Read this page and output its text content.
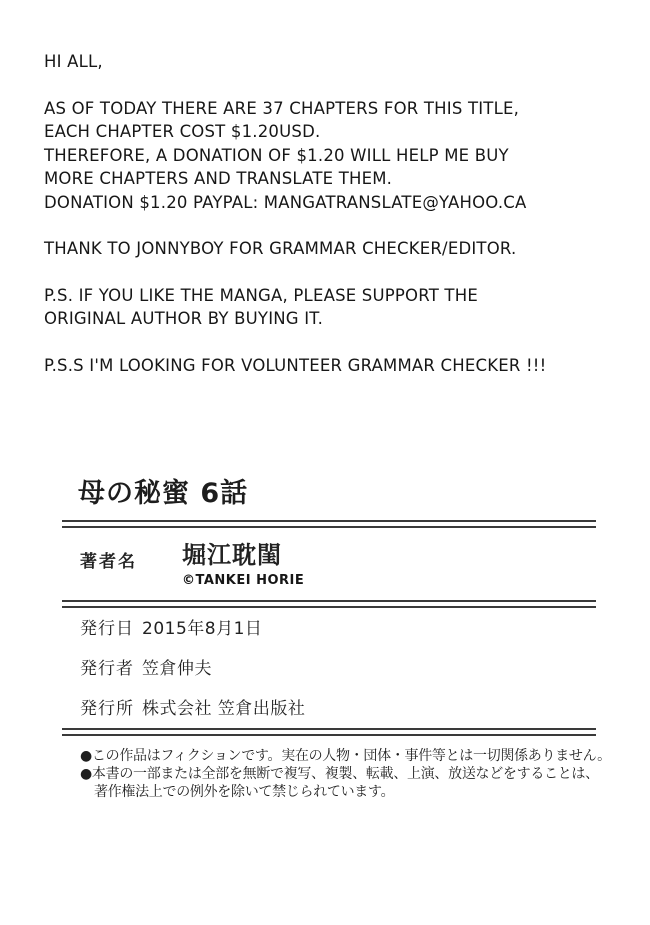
HI ALL,

AS OF TODAY THERE ARE 37 CHAPTERS FOR THIS TITLE,
EACH CHAPTER COST $1.20USD.
THEREFORE, A DONATION OF $1.20 WILL HELP ME BUY
MORE CHAPTERS AND TRANSLATE THEM.
DONATION $1.20 PAYPAL: MANGATRANSLATE@YAHOO.CA

THANK TO JONNYBOY FOR GRAMMAR CHECKER/EDITOR.

P.S. IF YOU LIKE THE MANGA, PLEASE SUPPORT THE
ORIGINAL AUTHOR BY BUYING IT.

P.S.S I'M LOOKING FOR VOLUNTEER GRAMMAR CHECKER !!!

母の秘蜜 6話
著者名	堀江耽閨
©TANKEI HORIE
発行日 2015年8月1日
発行者 笠倉伸夫
発行所 株式会社 笠倉出版社
●この作品はフィクションです。実在の人物・団体・事件等とは一切関係ありません。
●本書の一部または全部を無断で複写、複製、転載、上演、放送などをすることは、
著作権法上での例外を除いて禁じられています。
